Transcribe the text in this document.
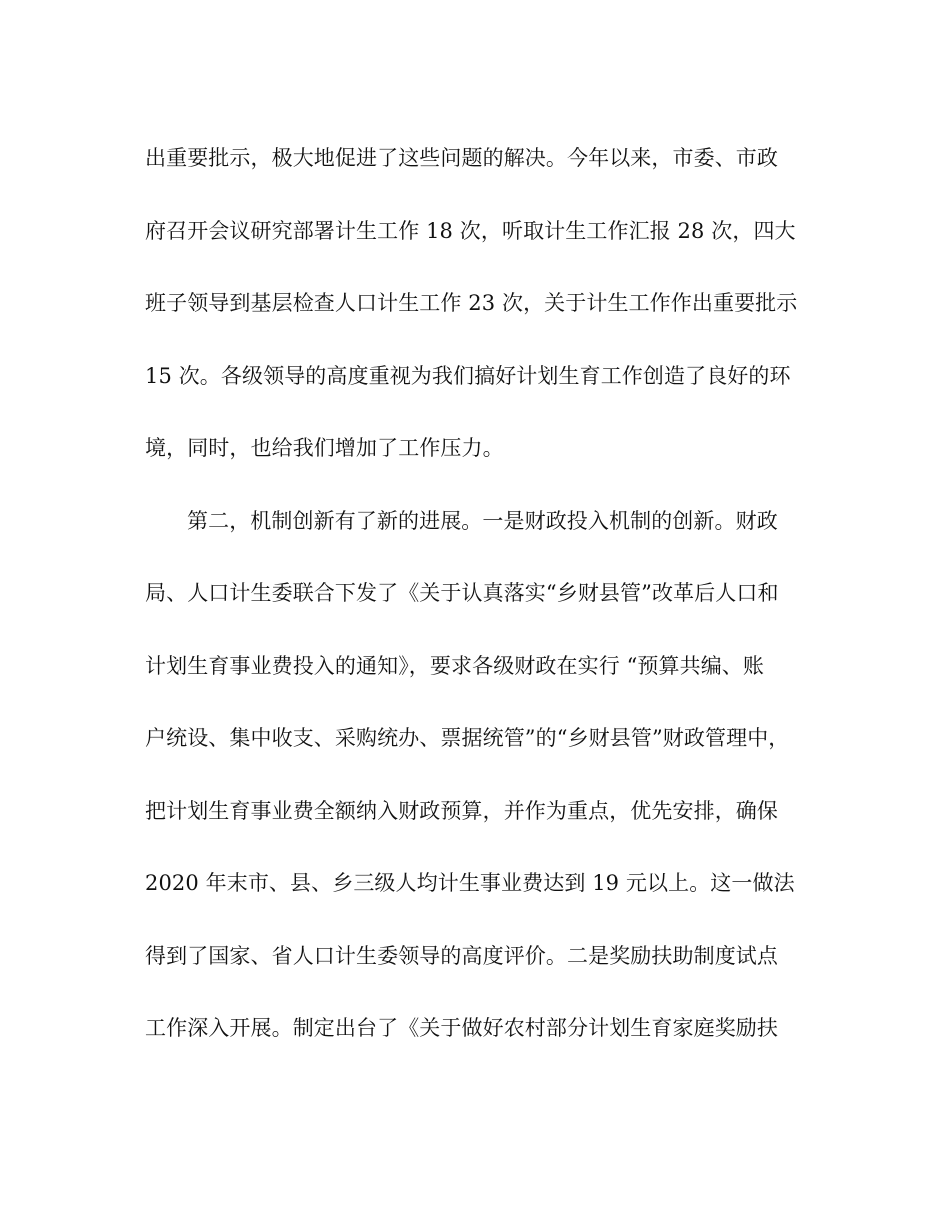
出重要批示，极大地促进了这些问题的解决。今年以来，市委、市政
府召开会议研究部署计生工作 18 次，听取计生工作汇报 28 次，四大
班子领导到基层检查人口计生工作 23 次，关于计生工作作出重要批示
15 次。各级领导的高度重视为我们搞好计划生育工作创造了良好的环
境，同时，也给我们增加了工作压力。
第二，机制创新有了新的进展。一是财政投入机制的创新。财政
局、人口计生委联合下发了《关于认真落实“乡财县管”改革后人口和
计划生育事业费投入的通知》，要求各级财政在实行 “预算共编、账
户统设、集中收支、采购统办、票据统管”的“乡财县管”财政管理中，
把计划生育事业费全额纳入财政预算，并作为重点，优先安排，确保
2020 年末市、县、乡三级人均计生事业费达到 19 元以上。这一做法
得到了国家、省人口计生委领导的高度评价。二是奖励扶助制度试点
工作深入开展。制定出台了《关于做好农村部分计划生育家庭奖励扶
